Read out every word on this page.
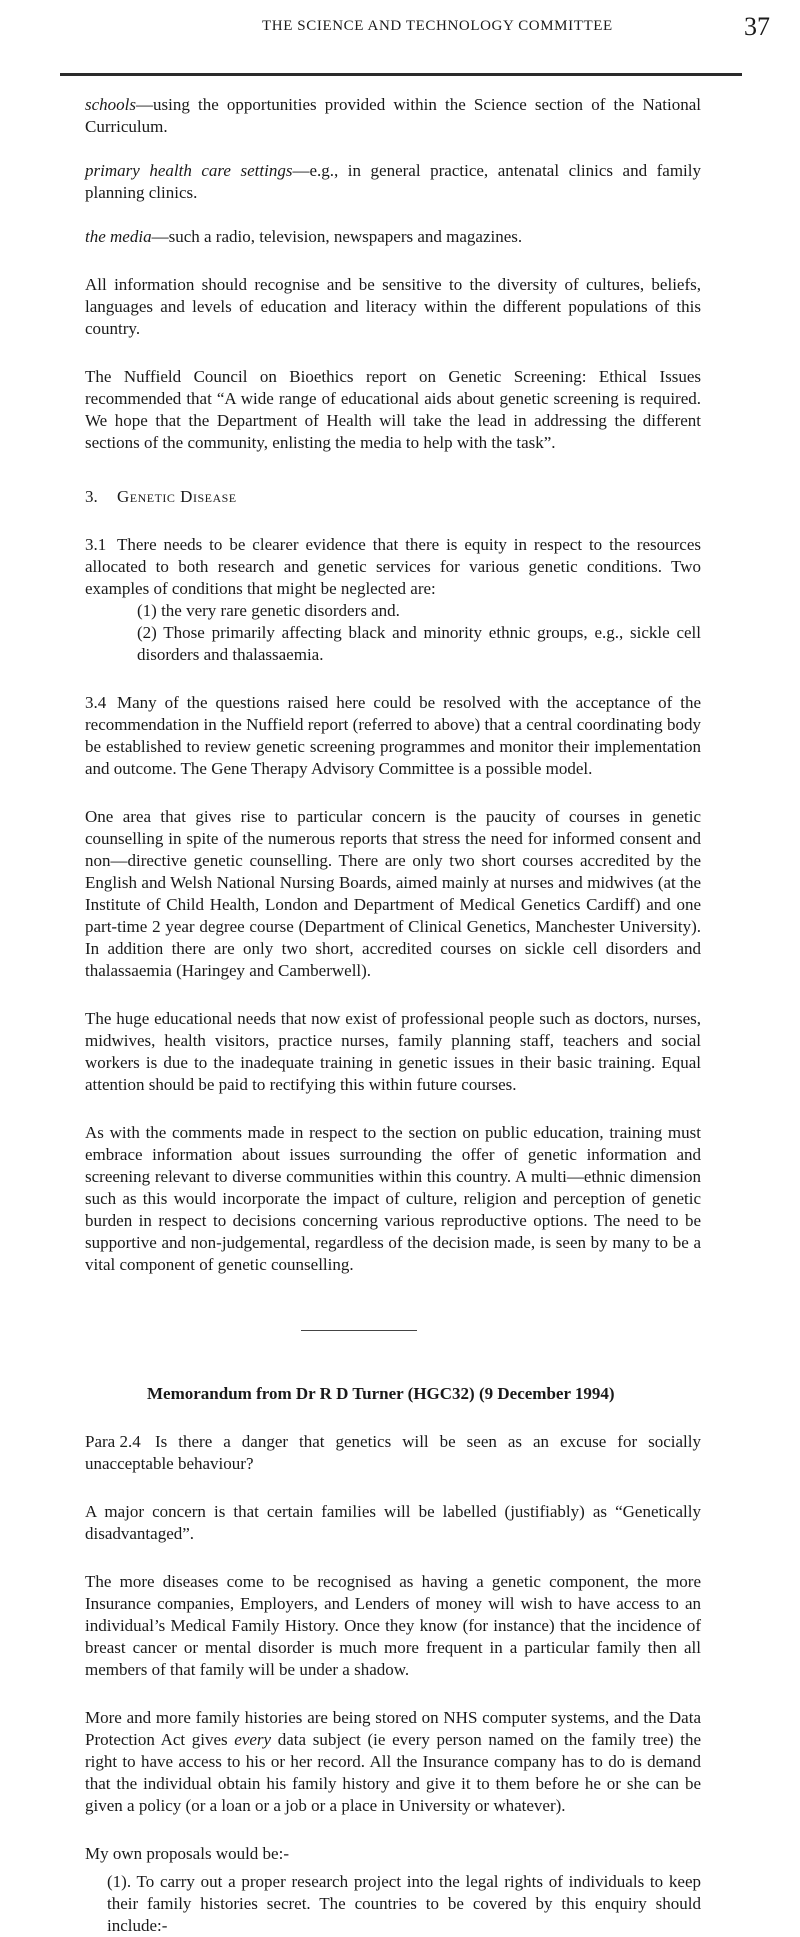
THE SCIENCE AND TECHNOLOGY COMMITTEE	37

schools—using the opportunities provided within the Science section of the National Curriculum.

primary health care settings—e.g., in general practice, antenatal clinics and family planning clinics.

the media—such a radio, television, newspapers and magazines.

All information should recognise and be sensitive to the diversity of cultures, beliefs, languages and levels of education and literacy within the different populations of this country.

The Nuffield Council on Bioethics report on Genetic Screening: Ethical Issues recommended that “A wide range of educational aids about genetic screening is required. We hope that the Department of Health will take the lead in addressing the different sections of the community, enlisting the media to help with the task”.

3. Genetic Disease

3.1 There needs to be clearer evidence that there is equity in respect to the resources allocated to both research and genetic services for various genetic conditions. Two examples of conditions that might be neglected are:

(1) the very rare genetic disorders and.

(2) Those primarily affecting black and minority ethnic groups, e.g., sickle cell disorders and thalassaemia.

3.4 Many of the questions raised here could be resolved with the acceptance of the recommendation in the Nuffield report (referred to above) that a central coordinating body be established to review genetic screening programmes and monitor their implementation and outcome. The Gene Therapy Advisory Committee is a possible model.

One area that gives rise to particular concern is the paucity of courses in genetic counselling in spite of the numerous reports that stress the need for informed consent and non—directive genetic counselling. There are only two short courses accredited by the English and Welsh National Nursing Boards, aimed mainly at nurses and midwives (at the Institute of Child Health, London and Department of Medical Genetics Cardiff) and one part-time 2 year degree course (Department of Clinical Genetics, Manchester University). In addition there are only two short, accredited courses on sickle cell disorders and thalassaemia (Haringey and Camberwell).

The huge educational needs that now exist of professional people such as doctors, nurses, midwives, health visitors, practice nurses, family planning staff, teachers and social workers is due to the inadequate training in genetic issues in their basic training. Equal attention should be paid to rectifying this within future courses.

As with the comments made in respect to the section on public education, training must embrace information about issues surrounding the offer of genetic information and screening relevant to diverse communities within this country. A multi—ethnic dimension such as this would incorporate the impact of culture, religion and perception of genetic burden in respect to decisions concerning various reproductive options. The need to be supportive and non-judgemental, regardless of the decision made, is seen by many to be a vital component of genetic counselling.

Memorandum from Dr R D Turner (HGC32) (9 December 1994)

Para 2.4 Is there a danger that genetics will be seen as an excuse for socially unacceptable behaviour?

A major concern is that certain families will be labelled (justifiably) as “Genetically disadvantaged”.

The more diseases come to be recognised as having a genetic component, the more Insurance companies, Employers, and Lenders of money will wish to have access to an individual’s Medical Family History. Once they know (for instance) that the incidence of breast cancer or mental disorder is much more frequent in a particular family then all members of that family will be under a shadow.

More and more family histories are being stored on NHS computer systems, and the Data Protection Act gives every data subject (ie every person named on the family tree) the right to have access to his or her record. All the Insurance company has to do is demand that the individual obtain his family history and give it to them before he or she can be given a policy (or a loan or a job or a place in University or whatever).

My own proposals would be:-

(1). To carry out a proper research project into the legal rights of individuals to keep their family histories secret. The countries to be covered by this enquiry should include:-
